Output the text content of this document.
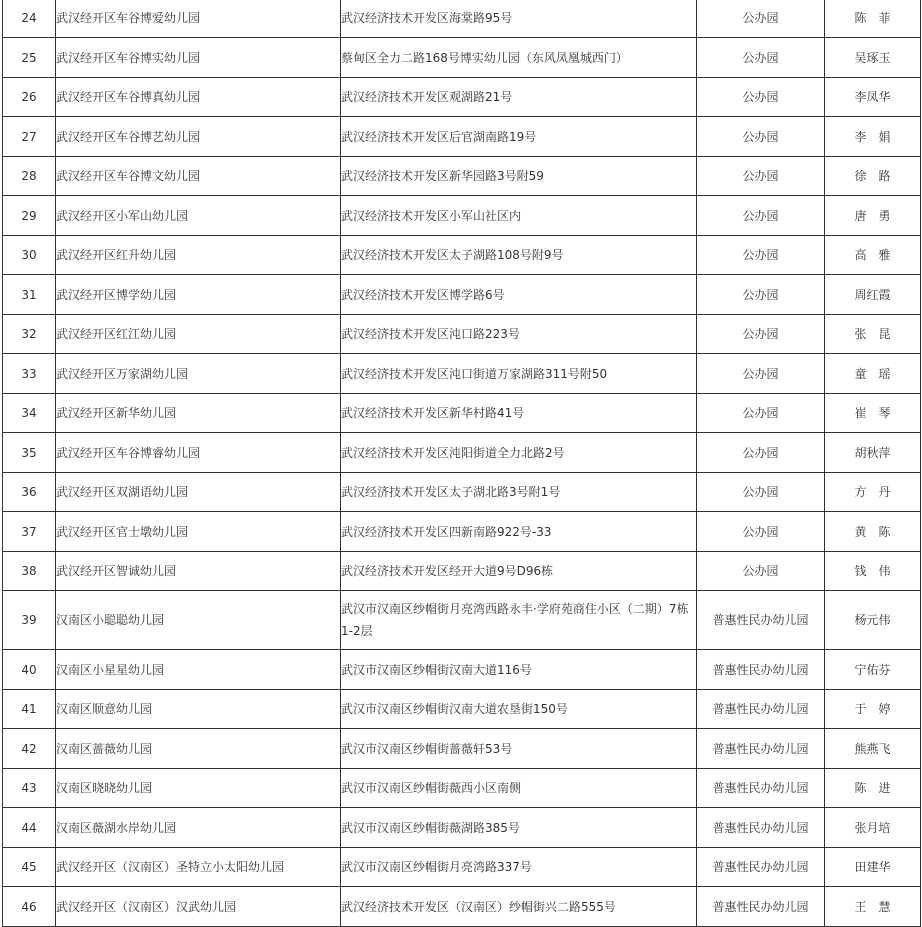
24	武汉经开区车谷博爱幼儿园	武汉经济技术开发区海棠路95号	公办园	陈菲
25	武汉经开区车谷博实幼儿园	蔡甸区全力二路168号博实幼儿园（东风凤凰城西门）	公办园	吴琢玉
26	武汉经开区车谷博真幼儿园	武汉经济技术开发区观湖路21号	公办园	李凤华
27	武汉经开区车谷博艺幼儿园	武汉经济技术开发区后官湖南路19号	公办园	李娟
28	武汉经开区车谷博文幼儿园	武汉经济技术开发区新华园路3号附59	公办园	徐路
29	武汉经开区小军山幼儿园	武汉经济技术开发区小军山社区内	公办园	唐勇
30	武汉经开区红升幼儿园	武汉经济技术开发区太子湖路108号附9号	公办园	高雅
31	武汉经开区博学幼儿园	武汉经济技术开发区博学路6号	公办园	周红霞
32	武汉经开区红江幼儿园	武汉经济技术开发区沌口路223号	公办园	张昆
33	武汉经开区万家湖幼儿园	武汉经济技术开发区沌口街道万家湖路311号附50	公办园	童瑶
34	武汉经开区新华幼儿园	武汉经济技术开发区新华村路41号	公办园	崔琴
35	武汉经开区车谷博睿幼儿园	武汉经济技术开发区沌阳街道全力北路2号	公办园	胡秋萍
36	武汉经开区双湖语幼儿园	武汉经济技术开发区太子湖北路3号附1号	公办园	方丹
37	武汉经开区官士墩幼儿园	武汉经济技术开发区四新南路922号-33	公办园	黄陈
38	武汉经开区智诚幼儿园	武汉经济技术开发区经开大道9号D96栋	公办园	钱伟
39	汉南区小聪聪幼儿园	武汉市汉南区纱帽街月亮湾西路永丰·学府苑商住小区（二期）7栋1-2层	普惠性民办幼儿园	杨元伟
40	汉南区小星星幼儿园	武汉市汉南区纱帽街汉南大道116号	普惠性民办幼儿园	宁佑芬
41	汉南区顺意幼儿园	武汉市汉南区纱帽街汉南大道农垦街150号	普惠性民办幼儿园	于婷
42	汉南区蔷薇幼儿园	武汉市汉南区纱帽街蔷薇轩53号	普惠性民办幼儿园	熊燕飞
43	汉南区晓晓幼儿园	武汉市汉南区纱帽街薇西小区南侧	普惠性民办幼儿园	陈进
44	汉南区薇湖水岸幼儿园	武汉市汉南区纱帽街薇湖路385号	普惠性民办幼儿园	张月培
45	武汉经开区（汉南区）圣特立小太阳幼儿园	武汉市汉南区纱帽街月亮湾路337号	普惠性民办幼儿园	田建华
46	武汉经开区（汉南区）汉武幼儿园	武汉经济技术开发区（汉南区）纱帽街兴二路555号	普惠性民办幼儿园	王慧
